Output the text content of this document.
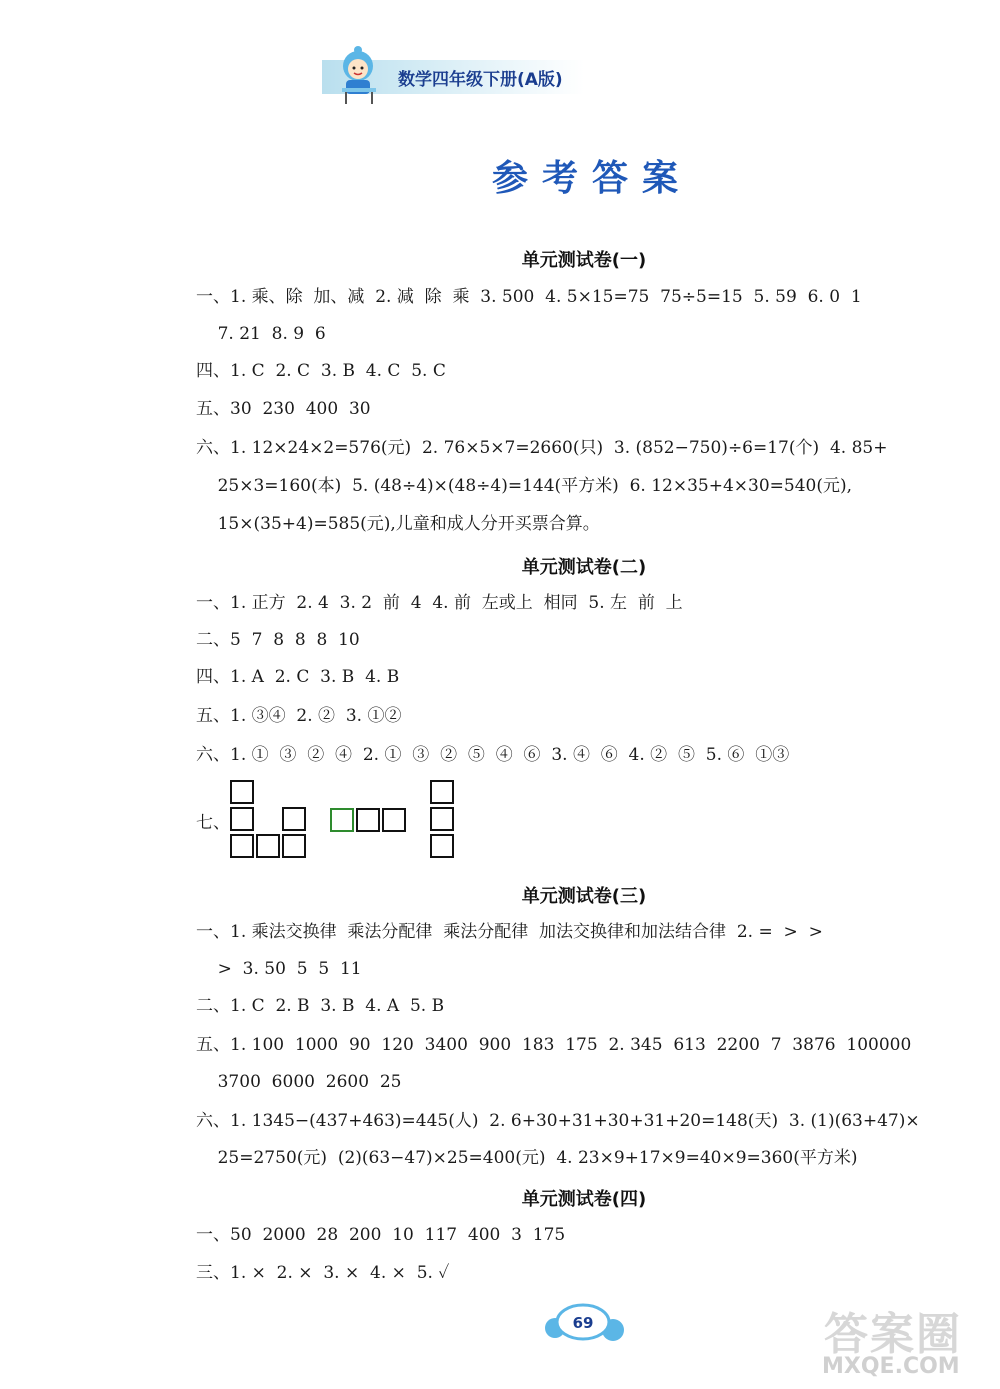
数学四年级下册(A版)
参考答案
单元测试卷(一)
一、1. 乘、除  加、减  2. 减  除  乘  3. 500  4. 5×15=75  75÷5=15  5. 59  6. 0  1
7. 21  8. 9  6
四、1. C  2. C  3. B  4. C  5. C
五、30  230  400  30
六、1. 12×24×2=576(元)  2. 76×5×7=2660(只)  3. (852−750)÷6=17(个)  4. 85+
25×3=160(本)  5. (48÷4)×(48÷4)=144(平方米)  6. 12×35+4×30=540(元),
15×(35+4)=585(元),儿童和成人分开买票合算。
单元测试卷(二)
一、1. 正方  2. 4  3. 2  前  4  4. 前  左或上  相同  5. 左  前  上
二、5  7  8  8  8  10
四、1. A  2. C  3. B  4. B
五、1. ③④  2. ②  3. ①②
六、1. ①  ③  ②  ④  2. ①  ③  ②  ⑤  ④  ⑥  3. ④  ⑥  4. ②  ⑤  5. ⑥  ①③
七、
单元测试卷(三)
一、1. 乘法交换律  乘法分配律  乘法分配律  加法交换律和加法结合律  2. =  >  >
>  3. 50  5  5  11
二、1. C  2. B  3. B  4. A  5. B
五、1. 100  1000  90  120  3400  900  183  175  2. 345  613  2200  7  3876  100000
3700  6000  2600  25
六、1. 1345−(437+463)=445(人)  2. 6+30+31+30+31+20=148(天)  3. (1)(63+47)×
25=2750(元)  (2)(63−47)×25=400(元)  4. 23×9+17×9=40×9=360(平方米)
单元测试卷(四)
一、50  2000  28  200  10  117  400  3  175
三、1. ×  2. ×  3. ×  4. ×  5. ✓
69	答案圈
MXQE.COM
